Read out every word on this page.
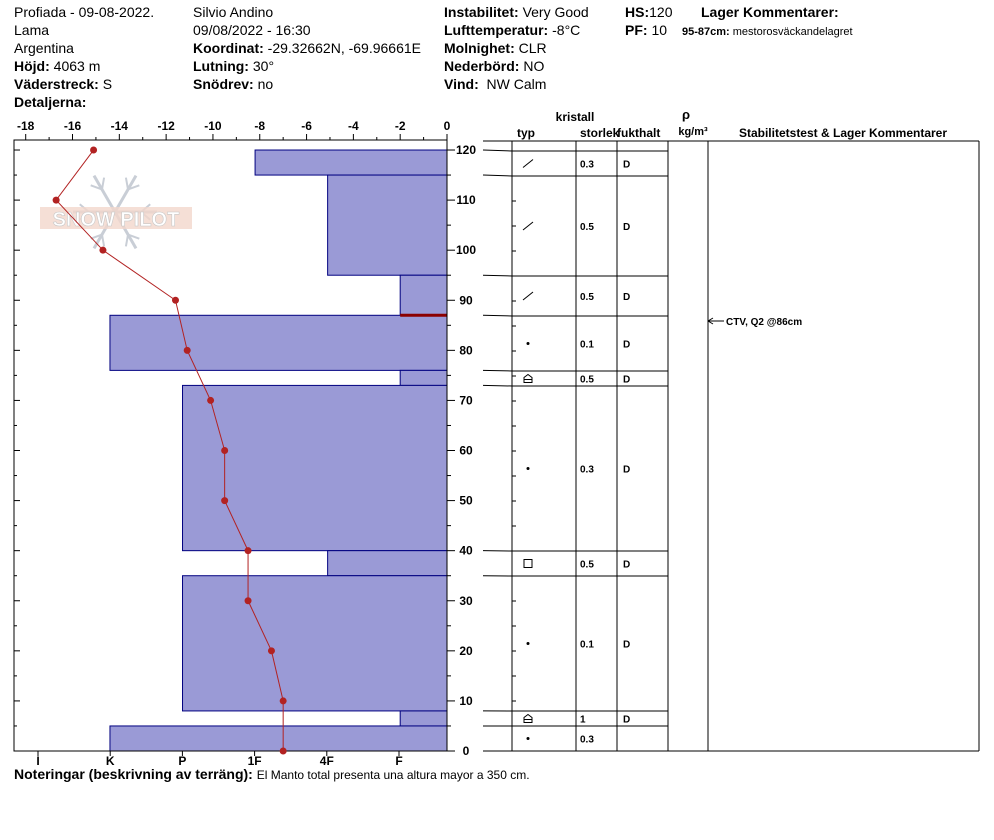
Profiada - 09-08-2022.
Lama
Argentina
Höjd: 4063 m
Väderstreck: S
Detaljerna:
Silvio Andino
09/08/2022 - 16:30
Koordinat: -29.32662N, -69.96661E
Lutning: 30°
Snödrev: no
Instabilitet: Very Good
Lufttemperatur: -8°C
Molnighet: CLR
Nederbörd: NO
Vind: NW Calm
HS:120
PF: 10
Lager Kommentarer:
95-87cm: mestorosväckandelagret
SNOW PILOT
-18 -16 -14 -12 -10	-8	-6	-4	-2	0
I	K	P	1F	4F	F
0
10
20
30
40
50
60
70
80
90
100
110
120
kristall
typ	storlek
fukthalt
ρ
kg/m³	Stabilitetstest & Lager Kommentarer
0.3	D
0.5	D
0.5	D
0.1	D
0.5	D
0.3	D
0.5	D
0.1	D
1	D
0.3
CTV, Q2 @86cm
Noteringar (beskrivning av terräng): El Manto total presenta una altura mayor a 350 cm.
